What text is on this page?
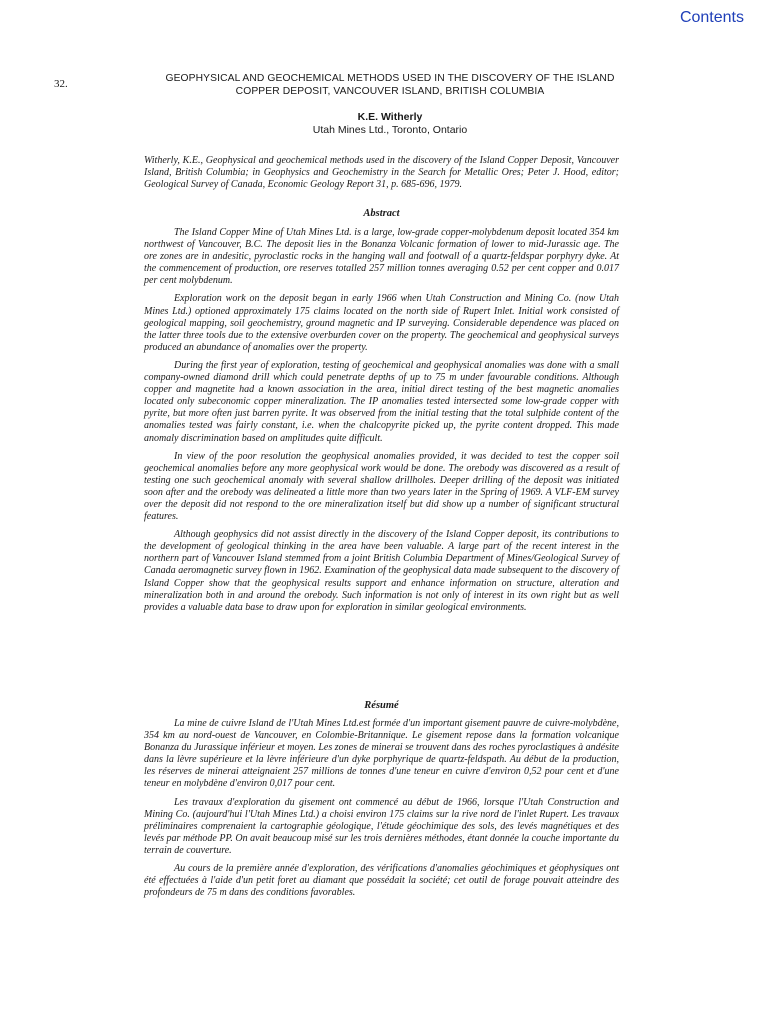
Contents
32.	GEOPHYSICAL AND GEOCHEMICAL METHODS USED IN THE DISCOVERY OF THE ISLAND COPPER DEPOSIT, VANCOUVER ISLAND, BRITISH COLUMBIA
K.E. Witherly
Utah Mines Ltd., Toronto, Ontario
Witherly, K.E., Geophysical and geochemical methods used in the discovery of the Island Copper Deposit, Vancouver Island, British Columbia; in Geophysics and Geochemistry in the Search for Metallic Ores; Peter J. Hood, editor; Geological Survey of Canada, Economic Geology Report 31, p. 685-696, 1979.
Abstract

The Island Copper Mine of Utah Mines Ltd. is a large, low-grade copper-molybdenum deposit located 354 km northwest of Vancouver, B.C. The deposit lies in the Bonanza Volcanic formation of lower to mid-Jurassic age. The ore zones are in andesitic, pyroclastic rocks in the hanging wall and footwall of a quartz-feldspar porphyry dyke. At the commencement of production, ore reserves totalled 257 million tonnes averaging 0.52 per cent copper and 0.017 per cent molybdenum.

Exploration work on the deposit began in early 1966 when Utah Construction and Mining Co. (now Utah Mines Ltd.) optioned approximately 175 claims located on the north side of Rupert Inlet. Initial work consisted of geological mapping, soil geochemistry, ground magnetic and IP surveying. Considerable dependence was placed on the latter three tools due to the extensive overburden cover on the property. The geochemical and geophysical surveys produced an abundance of anomalies over the property.

During the first year of exploration, testing of geochemical and geophysical anomalies was done with a small company-owned diamond drill which could penetrate depths of up to 75 m under favourable conditions. Although copper and magnetite had a known association in the area, initial direct testing of the best magnetic anomalies located only subeconomic copper mineralization. The IP anomalies tested intersected some low-grade copper with pyrite, but more often just barren pyrite. It was observed from the initial testing that the total sulphide content of the anomalies tested was fairly constant, i.e. when the chalcopyrite picked up, the pyrite content dropped. This made anomaly discrimination based on amplitudes quite difficult.

In view of the poor resolution the geophysical anomalies provided, it was decided to test the copper soil geochemical anomalies before any more geophysical work would be done. The orebody was discovered as a result of testing one such geochemical anomaly with several shallow drillholes. Deeper drilling of the deposit was initiated soon after and the orebody was delineated a little more than two years later in the Spring of 1969. A VLF-EM survey over the deposit did not respond to the ore mineralization itself but did show up a number of significant structural features.

Although geophysics did not assist directly in the discovery of the Island Copper deposit, its contributions to the development of geological thinking in the area have been valuable. A large part of the recent interest in the northern part of Vancouver Island stemmed from a joint British Columbia Department of Mines/Geological Survey of Canada aeromagnetic survey flown in 1962. Examination of the geophysical data made subsequent to the discovery of Island Copper show that the geophysical results support and enhance information on structure, alteration and mineralization both in and around the orebody. Such information is not only of interest in its own right but as well provides a valuable data base to draw upon for exploration in similar geological environments.

Résumé

La mine de cuivre Island de l'Utah Mines Ltd.est formée d'un important gisement pauvre de cuivre-molybdène, 354 km au nord-ouest de Vancouver, en Colombie-Britannique. Le gisement repose dans la formation volcanique Bonanza du Jurassique inférieur et moyen. Les zones de minerai se trouvent dans des roches pyroclastiques à andésite dans la lèvre supérieure et la lèvre inférieure d'un dyke porphyrique de quartz-feldspath. Au début de la production, les réserves de minerai atteignaient 257 millions de tonnes d'une teneur en cuivre d'environ 0,52 pour cent et d'une teneur en molybdène d'environ 0,017 pour cent.

Les travaux d'exploration du gisement ont commencé au début de 1966, lorsque l'Utah Construction and Mining Co. (aujourd'hui l'Utah Mines Ltd.) a choisi environ 175 claims sur la rive nord de l'inlet Rupert. Les travaux préliminaires comprenaient la cartographie géologique, l'étude géochimique des sols, des levés magnétiques et des levés par méthode PP. On avait beaucoup misé sur les trois dernières méthodes, étant donnée la couche importante du terrain de couverture.

Au cours de la première année d'exploration, des vérifications d'anomalies géochimiques et géophysiques ont été effectuées à l'aide d'un petit foret au diamant que possédait la société; cet outil de forage pouvait atteindre des profondeurs de 75 m dans des conditions favorables.
